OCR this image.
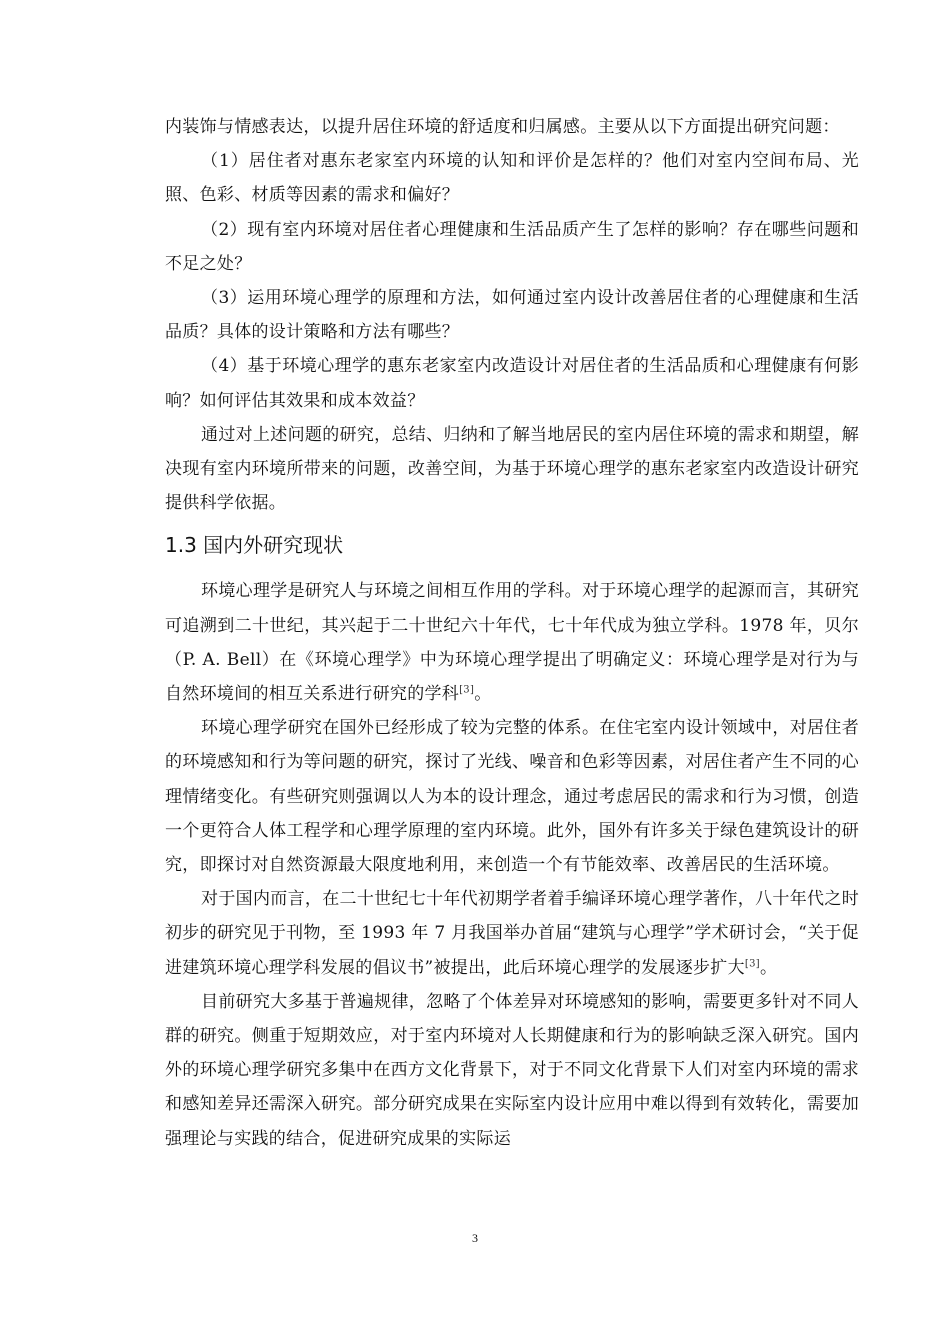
内装饰与情感表达，以提升居住环境的舒适度和归属感。主要从以下方面提出研究问题：

（1）居住者对惠东老家室内环境的认知和评价是怎样的？他们对室内空间布局、光照、色彩、材质等因素的需求和偏好？

（2）现有室内环境对居住者心理健康和生活品质产生了怎样的影响？存在哪些问题和不足之处？

（3）运用环境心理学的原理和方法，如何通过室内设计改善居住者的心理健康和生活品质？具体的设计策略和方法有哪些？

（4）基于环境心理学的惠东老家室内改造设计对居住者的生活品质和心理健康有何影响？如何评估其效果和成本效益？

通过对上述问题的研究，总结、归纳和了解当地居民的室内居住环境的需求和期望，解决现有室内环境所带来的问题，改善空间，为基于环境心理学的惠东老家室内改造设计研究提供科学依据。

1.3 国内外研究现状

环境心理学是研究人与环境之间相互作用的学科。对于环境心理学的起源而言，其研究可追溯到二十世纪，其兴起于二十世纪六十年代，七十年代成为独立学科。1978 年，贝尔（P. A. Bell）在《环境心理学》中为环境心理学提出了明确定义：环境心理学是对行为与自然环境间的相互关系进行研究的学科[3]。

环境心理学研究在国外已经形成了较为完整的体系。在住宅室内设计领域中，对居住者的环境感知和行为等问题的研究，探讨了光线、噪音和色彩等因素，对居住者产生不同的心理情绪变化。有些研究则强调以人为本的设计理念，通过考虑居民的需求和行为习惯，创造一个更符合人体工程学和心理学原理的室内环境。此外，国外有许多关于绿色建筑设计的研究，即探讨对自然资源最大限度地利用，来创造一个有节能效率、改善居民的生活环境。

对于国内而言，在二十世纪七十年代初期学者着手编译环境心理学著作，八十年代之时初步的研究见于刊物，至 1993 年 7 月我国举办首届“建筑与心理学”学术研讨会，“关于促进建筑环境心理学科发展的倡议书”被提出，此后环境心理学的发展逐步扩大[3]。

目前研究大多基于普遍规律，忽略了个体差异对环境感知的影响，需要更多针对不同人群的研究。侧重于短期效应，对于室内环境对人长期健康和行为的影响缺乏深入研究。国内外的环境心理学研究多集中在西方文化背景下，对于不同文化背景下人们对室内环境的需求和感知差异还需深入研究。部分研究成果在实际室内设计应用中难以得到有效转化，需要加强理论与实践的结合，促进研究成果的实际运

3
